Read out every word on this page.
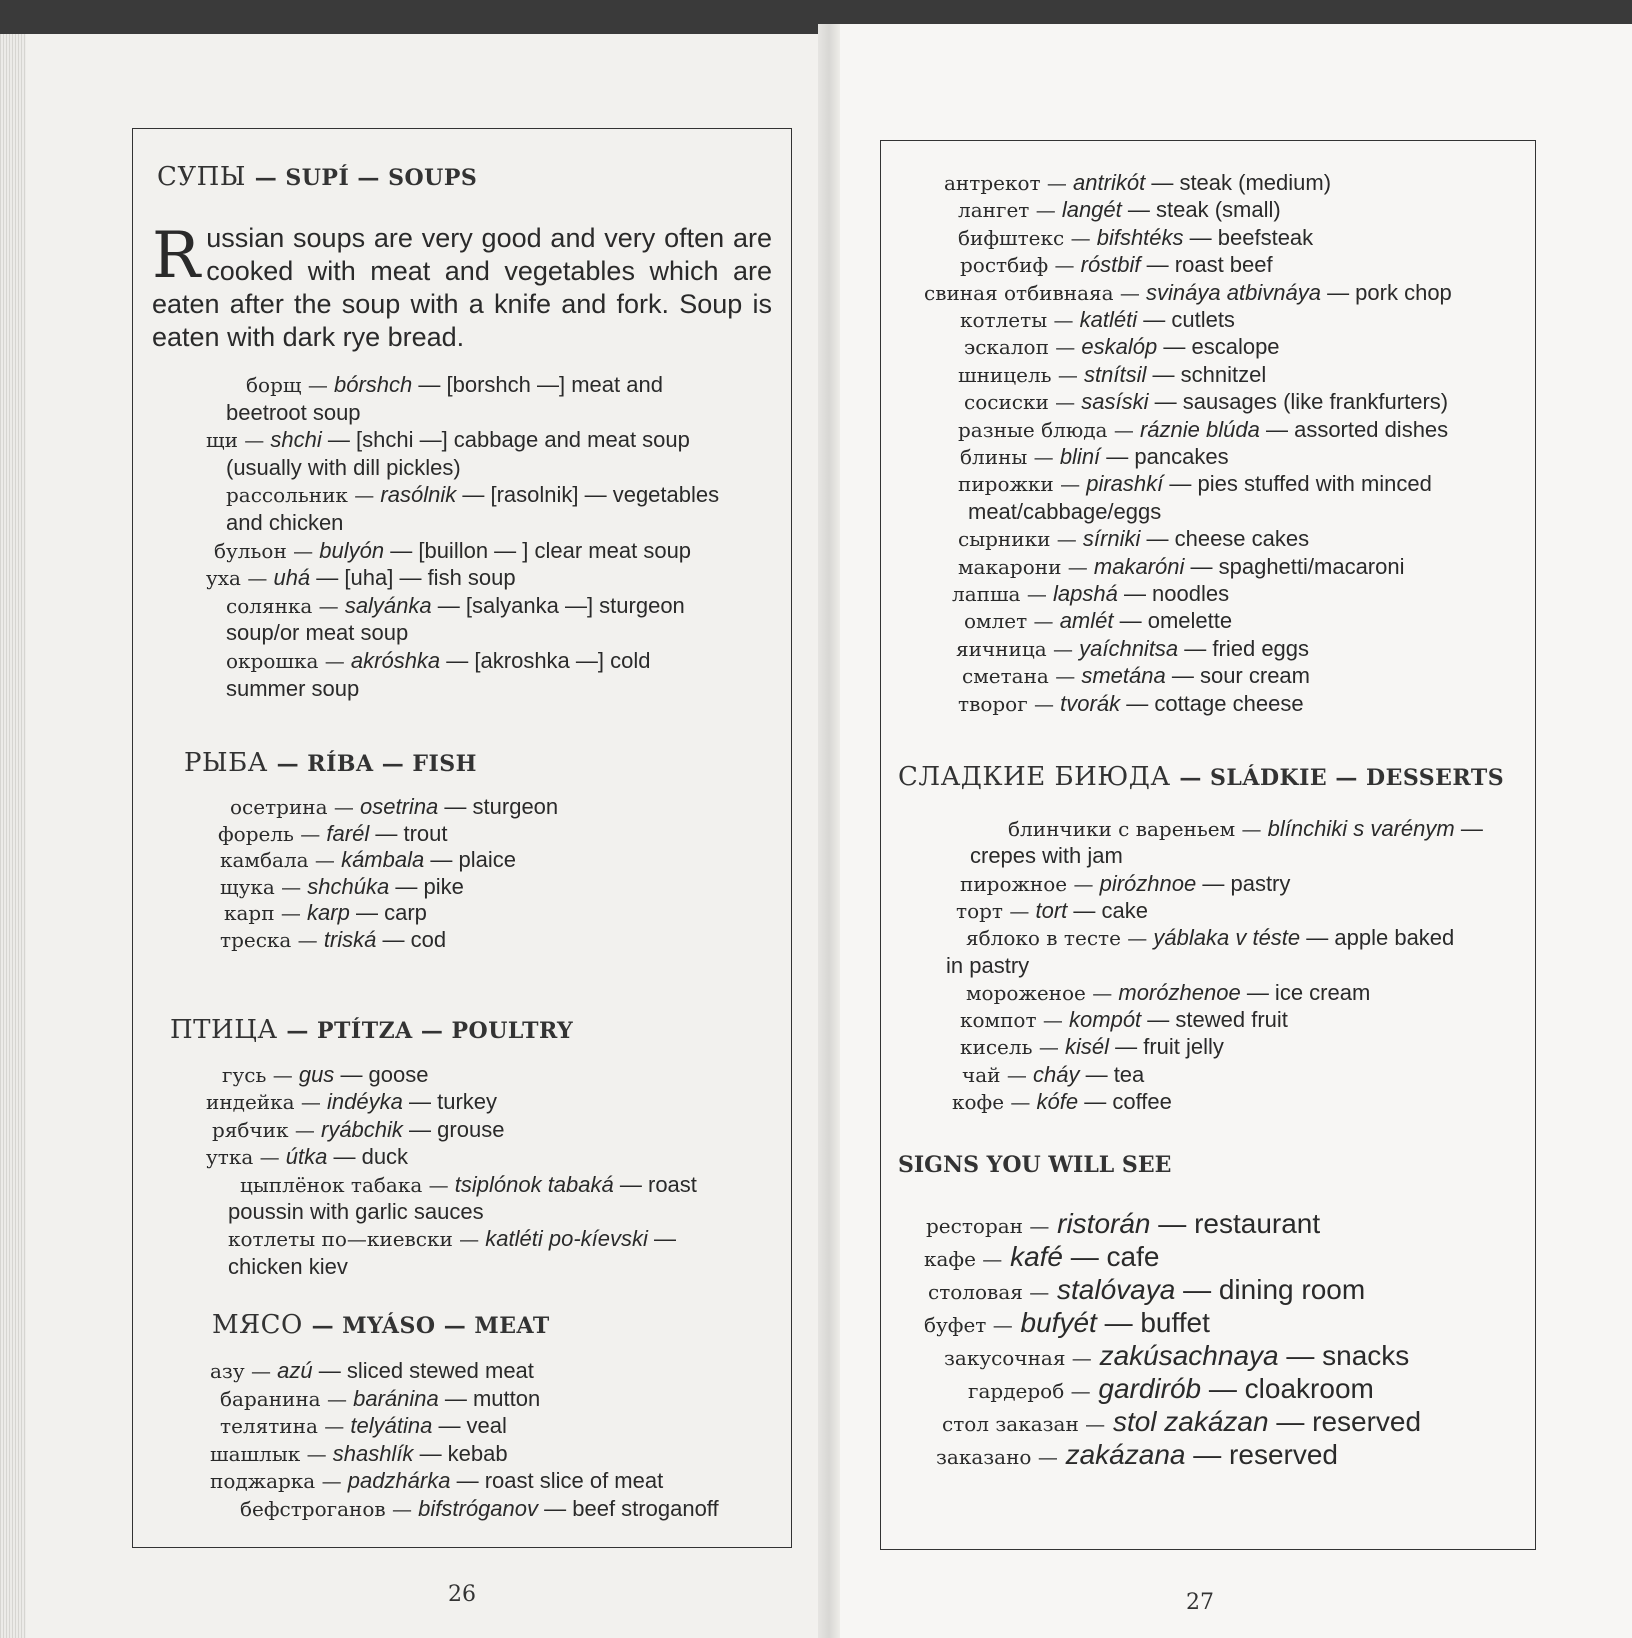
СУПЫ — SUPÍ — SOUPS
Russian soups are very good and very often are cooked with meat and vegetables which are eaten after the soup with a knife and fork. Soup is eaten with dark rye bread.
борщ — bórshch — [borshch —] meat and
beetroot soup
щи — shchi — [shchi —] cabbage and meat soup
(usually with dill pickles)
рассольник — rasólnik — [rasolnik] — vegetables
and chicken
бульон — bulyón — [buillon — ] clear meat soup
уха — uhá — [uha] — fish soup
солянка — salyánka — [salyanka —] sturgeon
soup/or meat soup
окрошка — akróshka — [akroshka —] cold
summer soup
РЫБА — RÍBA — FISH
осетрина — osetrina — sturgeon
форель — farél — trout
камбала — kámbala — plaice
щука — shchúka — pike
карп — karp — carp
треска — triská — cod
ПТИЦА — PTÍTZA — POULTRY
гусь — gus — goose
индейка — indéyka — turkey
рябчик — ryábchik — grouse
утка — útka — duck
цыплёнок табака — tsiplónok tabaká — roast
poussin with garlic sauces
котлеты по—киевски — katléti po-kíevski —
chicken kiev
МЯСО — MYÁSO — MEAT
азу — azú — sliced stewed meat
баранина — baránina — mutton
телятина — telyátina — veal
шашлык — shashlík — kebab
поджарка — padzhárka — roast slice of meat
бефстроганов — bifstróganov — beef stroganoff
26
антрекот — antrikót — steak (medium)
лангет — langét — steak (small)
бифштекс — bifshtéks — beefsteak
ростбиф — róstbif — roast beef
свиная отбивнаяа — svináya atbivnáya — pork chop
котлеты — katléti — cutlets
эскалоп — eskalóp — escalope
шницель — stnítsil — schnitzel
сосиски — sasíski — sausages (like frankfurters)
разные блюда — ráznie blúda — assorted dishes
блины — bliní — pancakes
пирожки — pirashkí — pies stuffed with minced
meat/cabbage/eggs
сырники — sírniki — cheese cakes
макарони — makaróni — spaghetti/macaroni
лапша — lapshá — noodles
омлет — amlét — omelette
яичница — yaíchnitsa — fried eggs
сметана — smetána — sour cream
творог — tvorák — cottage cheese
СЛАДКИЕ БИЮДА — SLÁDKIE — DESSERTS
блинчики с вареньем — blínchiki s varénym —
crepes with jam
пирожное — pirózhnoe — pastry
торт — tort — cake
яблоко в тесте — yáblaka v téste — apple baked
in pastry
мороженое — morózhenoe — ice cream
компот — kompót — stewed fruit
кисель — kisél — fruit jelly
чай — cháy — tea
кофе — kófe — coffee
SIGNS YOU WILL SEE
ресторан — ristorán — restaurant
кафе — kafé — cafe
столовая — stalóvaya — dining room
буфет — bufyét — buffet
закусочная — zakúsachnaya — snacks
гардероб — gardirób — cloakroom
стол заказан — stol zakázan — reserved
заказано — zakázana — reserved
27
